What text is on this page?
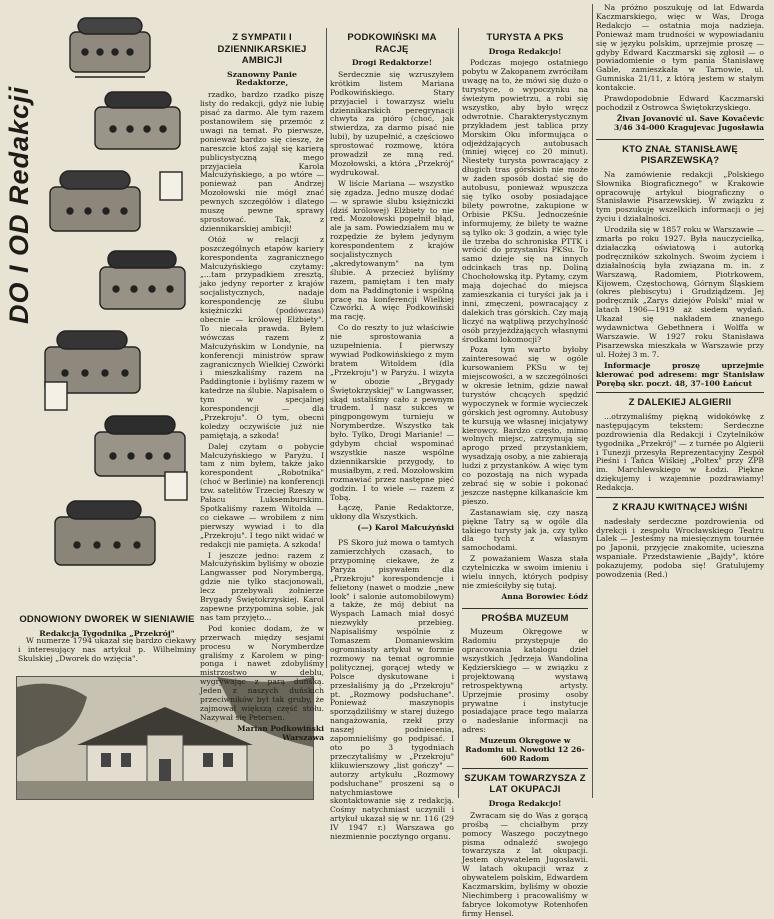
DO I OD Redakcji
ODNOWIONY DWOREK W SIENIAWIE
Redakcja Tygodnika „Przekrój"

W numerze 1794 ukazał się bardzo ciekawy i interesujący nas artykuł p. Wilhelminy Skulskiej „Dworek do wzięcia".

Z SYMPATII I DZIENNIKARSKIEJ AMBICJI
Szanowny Panie Redaktorze,

rzadko, bardzo rzadko piszę listy do redakcji, gdyż nie lubię pisać za darmo. Ale tym razem postanowiłem się przemóc z uwagi na temat. Po pierwsze, ponieważ bardzo się cieszę, że nareszcie ktoś zajął się karierą publicystyczną mego przyjaciela Karola Małcużyńskiego, a po wtóre — ponieważ pan Andrzej Mozołowski nie mógł znać pewnych szczegółów i dlatego muszę pewne sprawy sprostować. Tak, z dziennikarskiej ambicji!

Otóż w relacji z poszczególnych etapów kariery korespondenta zagranicznego Małcużyńskiego czytamy: „...tam przypadkiem zresztą, jako jedyny reporter z krajów socjalistycznych, nadaje korespondencję ze ślubu księżniczki (podówczas) obecnie — królowej Elżbiety". To niecała prawda. Byłem wówczas razem z Małcużyńskim w Londynie, na konferencji ministrów spraw zagranicznych Wielkiej Czwórki i mieszkaliśmy razem na Paddingtonie i byliśmy razem w katedrze na ślubie. Napisałem o tym w specjalnej korespondencji — dla „Przekroju". O tym, obecni koledzy oczywiście już nie pamiętają, a szkoda!

Dalej czytam o pobycie Małcużyńskiego w Paryżu. I tam z nim byłem, także jako korespondent „Robotnika" (choć w Berlinie) na konferencji tzw. satelitów Trzeciej Rzeszy w Pałacu Luksemburskim. Spotkaliśmy razem Witolda — co ciekawe — wrobiłem z nim pierwszy wywiad i to dla „Przekroju". I tego nikt widać w redakcji nie pamięta. A szkoda!

I jeszcze jedno: razem z Małcużyńskim byliśmy w obozie Langwasser pod Norymbergą, gdzie nie tylko stacjonowali, lecz przebywali żołnierze Brygady Świętokrzyskiej. Karol zapewne przypomina sobie, jak nas tam przyjęto...

Pod koniec dodam, że w przerwach między sesjami procesu w Norymberdze graliśmy z Karolem w ping-ponga i nawet zdobyliśmy mistrzostwo w deblu, wygrywając z parą duńską. Jeden z naszych duńskich przeciwników był tak gruby, że zajmował większą część stołu. Nazywał się Petersen.

Marian Podkowiński Warszawa
PODKOWIŃSKI MA RACJĘ
Drogi Redaktorze!

Serdecznie się wzruszyłem krótkim listem Mariana Podkowińskiego. Stary przyjaciel i towarzysz wielu dziennikarskich peregrynacji chwyta za pióro (choć, jak stwierdza, za darmo pisać nie lubi), by uzupełnić, a częściowo sprostować rozmowę, która prowadził ze mną red. Mozołowski, a która „Przekrój" wydrukował.

W liście Mariana — wszystko się zgadza. Jedno muszę dodać — w sprawie ślubu księżniczki (dziś królowej) Elżbiety to nie red. Mozołowski popełnił błąd, ale ja sam. Powiedziałem mu w rozpędzie że byłem jedynym korespondentem z krajów socjalistycznych „akredytowanym" na tym ślubie. A przecież byliśmy razem, pamiętam i ten mały dom na Paddingtonie i wspólną pracę na konferencji Wielkiej Czwórki. A więc Podkowiński ma rację.

Co do reszty to już właściwie nie sprostowania a uzupełnienia. I pierwszy wywiad Podkowińskiego z mym bratem Witoldem (dla „Przekroju") w Paryżu. I wizyta w obozie „Brygady Świętokrzyskiej" w Langwasser, skąd ustaliśmy cało z pewnym trudem. I nasz sukces w pingpongowym turnieju w Norymberdze. Wszystko tak było. Tylko, Drogi Marianie! — gdybym chciał wspominać wszystkie nasze wspólne dziennikarskie przygody, to musiałbym, z red. Mozołowskim rozmawiać przez następne pięć godzin. I to wiele — razem z Tobą.

Łączę, Panie Redaktorze, ukłony dla Wszystkich.

(—) Karol Małcużyński

PS Skoro już mowa o tamtych zamierzchłych czasach, to przypominę ciekawe, że z Paryża pisywałem dla „Przekroju" korespondencje i felietony (nawet o modzie „new look" i salonie automobilowym) a także, że mój debiut na Wyspach Lamach miał dosyć niezwykły przebieg. Napisaliśmy wspólnie z Tomaszem Domaniewskim ogromniasty artykuł w formie rozmowy na temat ogromnie politycznej, gorącej wtedy w Polsce dyskutowane i przesłaliśmy ją do „Przekroju" pt. „Rozmowy podsłuchane". Ponieważ maszynopis sporządziliśmy w starej dużego nangażowania, rzekł przy naszej podniecenia, zapomnieliśmy go podpisać. I oto po 3 tygodniach przeczytaliśmy w „Przekroju" klikuwierszowy „list gończy" — autorzy artykułu „Rozmowy podsłuchane" proszeni są o natychmiastowe skontaktowanie się z redakcją. Cośmy natychmiast uczynili i artykuł ukazał się w nr. 116 (29 IV 1947 r.) Warszawa go niezmiennie pocztyngo organu.

TURYSTA A PKS
Droga Redakcjo!

Podczas mojego ostatniego pobytu w Zakopanem zwróciłam uwagę na to, że mówi się dużo o turystyce, o wypoczynku na świeżym powietrzu, a robi się wszystko, aby było wręcz odwrotnie. Charakterystycznym przykładem jest tablica przy Morskim Oku informująca o odjeżdżających autobusach (mniej więcej co 20 minut). Niestety turysta powracający z długich tras górskich nie może w żaden sposób dostać się do autobusu, ponieważ wpuszcza się tylko osoby posiadające bilety powrotne, zakupione w Orbisie PKSu. Jednocześnie informujemy, że bilety te ważne są tylko ok: 3 godzin, a więc tyle ile trzeba do schroniska PTTK i wrócić do przystanku PKSu. To samo dzieje się na innych odcinkach tras np. Doliną Chochołowską itp. Pytamy, czym mają dojechać do miejsca zamieszkania ci turyści jak ja i inni, zmęczeni, powracający z dalekich tras górskich. Czy mają liczyć na wątpliwą przychylność osób przyjeżdżających własnymi środkami lokomocji?

Poza tym warto byłoby zainteresować się w ogóle kursowaniem PKSu w tej miejscowości, a w szczególności w okresie letnim, gdzie nawał turystów chcących spędzić wypoczynek w formie wycieczek górskich jest ogromny. Autobusy te kursują we własnej inicjatywy kierowcy. Bardzo często, mimo wolnych miejsc, zatrzymują się aprogo przed przystankiem, wysadzają osoby, a nie zabierają ludzi z przystanków. A więc tym co pozostają na nich wypada zebrać się w sobie i pokonać jeszcze następne kilkanaście km pieszo.

Zastanawiam się, czy naszą piękne Tatry są w ogóle dla takiego turysty jak ja, czy tylko dla tych z własnym samochodami.

Z poważaniem Wasza stała czytelniczka w swoim imieniu i wielu innych, których podpisy nie zmieściłyby się tutaj.

Anna Borowiec Łódź
PROŚBA MUZEUM

Muzeum Okręgowe w Radomiu przystępuje do opracowania katalogu dzieł wszystkich Jędrzeja Wandolina Kędzierskiego — w związku z projektowaną wystawą retrospektywną artysty. Uprzejmie prosimy osoby prywatne i instytucje posiadające prace tego malarza o nadesłanie informacji na adres:

Muzeum Okręgowe w Radomiu ul. Nowotki 12 26-600 Radom

SZUKAM TOWARZYSZA Z LAT OKUPACJI
Droga Redakcjo!

Zwracam się do Was z gorącą prośbą — chciałbym przy pomocy Waszego poczytnego pisma odnaleźć swojego towarzysza z lat okupacji. Jestem obywatelem Jugosławii. W latach okupacji wraz z obywatelem polskim, Edwardem Kaczmarskim, byliśmy w obozie Niechimberg i pracowaliśmy w fabryce lokomotyw Rotenhofen firmy Hensel.

Na próżno poszukuję od lat Edwarda Kaczmarskiego, więc w Was, Droga Redakcjo — ostatnia moja nadzieja. Ponieważ mam trudności w wypowiadaniu się w języku polskim, uprzejmie proszę — gdyby Edward Kaczmarski się zgłosił — o powiadomienie o tym pania Stanisławę Gable, zamieszkała w Tarnowie, ul. Gumniska 21/11, z którą jestem w stałym kontakcie.

Prawdopodobnie Edward Kaczmarski pochodził z Ostrowca Świętokrzyskiego.

Živan Jovanović ul. Save Kovačevic 3/46 34-000 Kragujevac Jugosławia
KTO ZNAŁ STANISŁAWĘ PISARZEWSKĄ?

Na zamówienie redakcji „Polskiego Słownika Biograficznego" w Krakowie opracowuję artykuł biograficzny o Stanisławie Pisarzewskiej. W związku z tym poszukuję wszelkich informacji o jej życiu i działalności.

Urodziła się w 1857 roku w Warszawie — zmarła po roku 1927. Była nauczycielką, działaczką oświatową i autorką podręczników szkolnych. Swoim życiem i działalnością była związana m. in. z Warszawą, Radomiem, Piotrkowem, Kijowem, Częstochową, Górnym Śląskiem (okres plebiscytu) i Grudziądzem. Jej podręcznik „Zarys dziejów Polski" miał w latach 1906—1919 aż siedem wydań. Ukazał się nakładem znanego wydawnictwa Gebethnera i Wolffa w Warszawie. W 1927 roku Stanisława Pisarzewska mieszkała w Warszawie przy ul. Hożej 3 m. 7.

Informacje proszę uprzejmie kierować pod adresem: mgr Stanisław Porębą skr. poczt. 48, 37-100 Łańcut

Z DALEKIEJ ALGIERII

...otrzymaliśmy piękną widokówkę z następującym tekstem: Serdeczne pozdrowienia dla Redakcji i Czytelników tygodnika „Przekrój" — z turnée po Algierii i Tunezji przesyła Reprezentacyjny Zespół Pieśni i Tańca Wiśkiej „Poltex" przy ZPB im. Marchlewskiego w Łodzi. Piękne dziękujemy i wzajemnie pozdrawiamy! Redakcja.

Z KRAJU KWITNĄCEJ WIŚNI

nadesłały serdeczne pozdrowienia od dyrekcji i zespołu Wrocławskiego Teatru Lalek — Jesteśmy na miesięcznym tournée po Japonii, przyjęcie znakomite, ucieszna wspaniałe. Przedstawienie „Bajdy", które pokazujemy, podoba się! Gratulujemy powodzenia (Red.)
